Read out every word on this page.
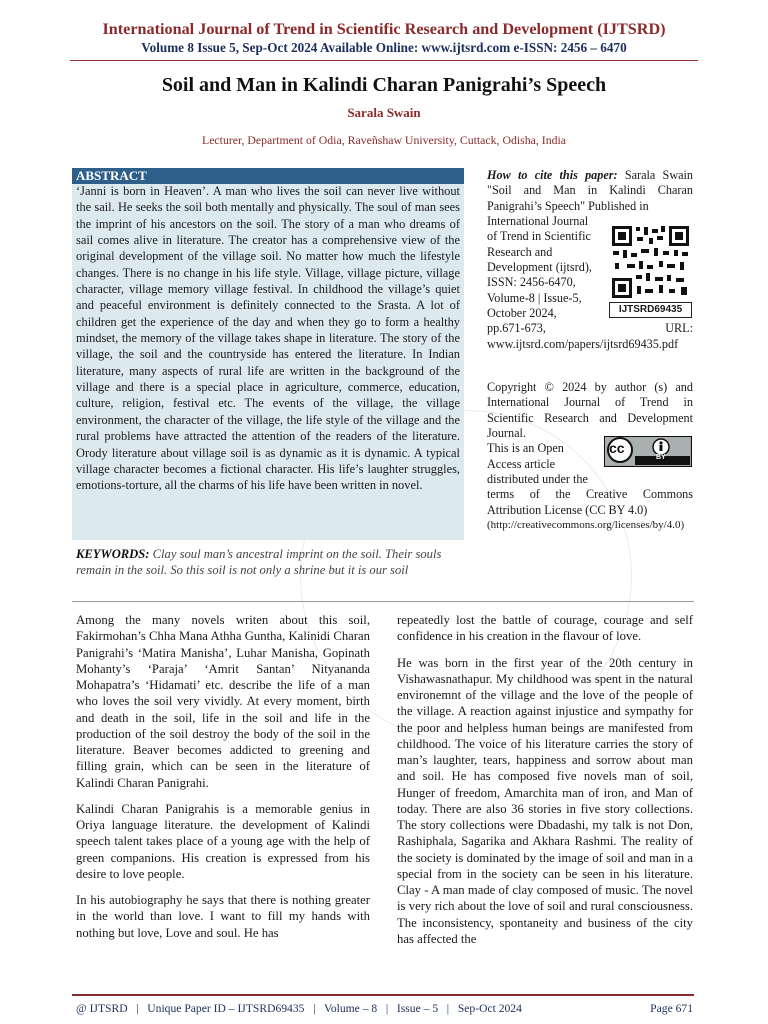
International Journal of Trend in Scientific Research and Development (IJTSRD)
Volume 8 Issue 5, Sep-Oct 2024 Available Online: www.ijtsrd.com e-ISSN: 2456 – 6470
Soil and Man in Kalindi Charan Panigrahi’s Speech
Sarala Swain
Lecturer, Department of Odia, Raveñshaw University, Cuttack, Odisha, India
ABSTRACT
‘Janni is born in Heaven’. A man who lives the soil can never live without the sail. He seeks the soil both mentally and physically. The soul of man sees the imprint of his ancestors on the soil. The story of a man who dreams of sail comes alive in literature. The creator has a comprehensive view of the original development of the village soil. No matter how much the lifestyle changes. There is no change in his life style. Village, village picture, village character, village memory village festival. In childhood the village’s quiet and peaceful environment is definitely connected to the Srasta. A lot of children get the experience of the day and when they go to form a healthy mindset, the memory of the village takes shape in literature. The story of the village, the soil and the countryside has entered the literature. In Indian literature, many aspects of rural life are written in the background of the village and there is a special place in agriculture, commerce, education, culture, religion, festival etc. The events of the village, the village environment, the character of the village, the life style of the village and the rural problems have attracted the attention of the readers of the literature. Orody literature about village soil is as dynamic as it is dynamic. A typical village character becomes a fictional character. His life’s laughter struggles, emotions-torture, all the charms of his life have been written in novel.

How to cite this paper: Sarala Swain "Soil and Man in Kalindi Charan Panigrahi’s Speech" Published in

International Journal of Trend in Scientific Research and Development (ijtsrd), ISSN: 2456-6470, Volume-8 | Issue-5, October 2024,

pp.671-673,	URL:

www.ijtsrd.com/papers/ijtsrd69435.pdf

IJTSRD69435

Copyright © 2024 by author (s) and International Journal of Trend in Scientific Research and Development Journal.

This is an Open Access article distributed under the

terms of the Creative Commons Attribution License (CC BY 4.0)

(http://creativecommons.org/licenses/by/4.0)

cc
BY
KEYWORDS: Clay soul man’s ancestral imprint on the soil. Their souls remain in the soil. So this soil is not only a shrine but it is our soil

Among the many novels writen about this soil, Fakirmohan’s Chha Mana Athha Guntha, Kalinidi Charan Panigrahi’s ‘Matira Manisha’, Luhar Manisha, Gopinath Mohanty’s ‘Paraja’ ‘Amrit Santan’ Nityananda Mohapatra’s ‘Hidamati’ etc. describe the life of a man who loves the soil very vividly. At every moment, birth and death in the soil, life in the soil and life in the production of the soil destroy the body of the soil in the literature. Beaver becomes addicted to greening and filling grain, which can be seen in the literature of Kalindi Charan Panigrahi.

Kalindi Charan Panigrahis is a memorable genius in Oriya language literature. the development of Kalindi speech talent takes place of a young age with the help of green companions. His creation is expressed from his desire to love people.

In his autobiography he says that there is nothing greater in the world than love. I want to fill my hands with nothing but love, Love and soul. He has

repeatedly lost the battle of courage, courage and self confidence in his creation in the flavour of love.

He was born in the first year of the 20th century in Vishawasnathapur. My childhood was spent in the natural environemnt of the village and the love of the people of the village. A reaction against injustice and sympathy for the poor and helpless human beings are manifested from childhood. The voice of his literature carries the story of man’s laughter, tears, happiness and sorrow about man and soil. He has composed five novels man of soil, Hunger of freedom, Amarchita man of iron, and Man of today. There are also 36 stories in five story collections. The story collections were Dbadashi, my talk is not Don, Rashiphala, Sagarika and Akhara Rashmi. The reality of the society is dominated by the image of soil and man in a special from in the society can be seen in his literature. Clay - A man made of clay composed of music. The novel is very rich about the love of soil and rural consciousness. The inconsistency, spontaneity and business of the city has affected the

@ IJTSRD   |   Unique Paper ID – IJTSRD69435   |   Volume – 8   |   Issue – 5   |   Sep-Oct 2024	Page 671
